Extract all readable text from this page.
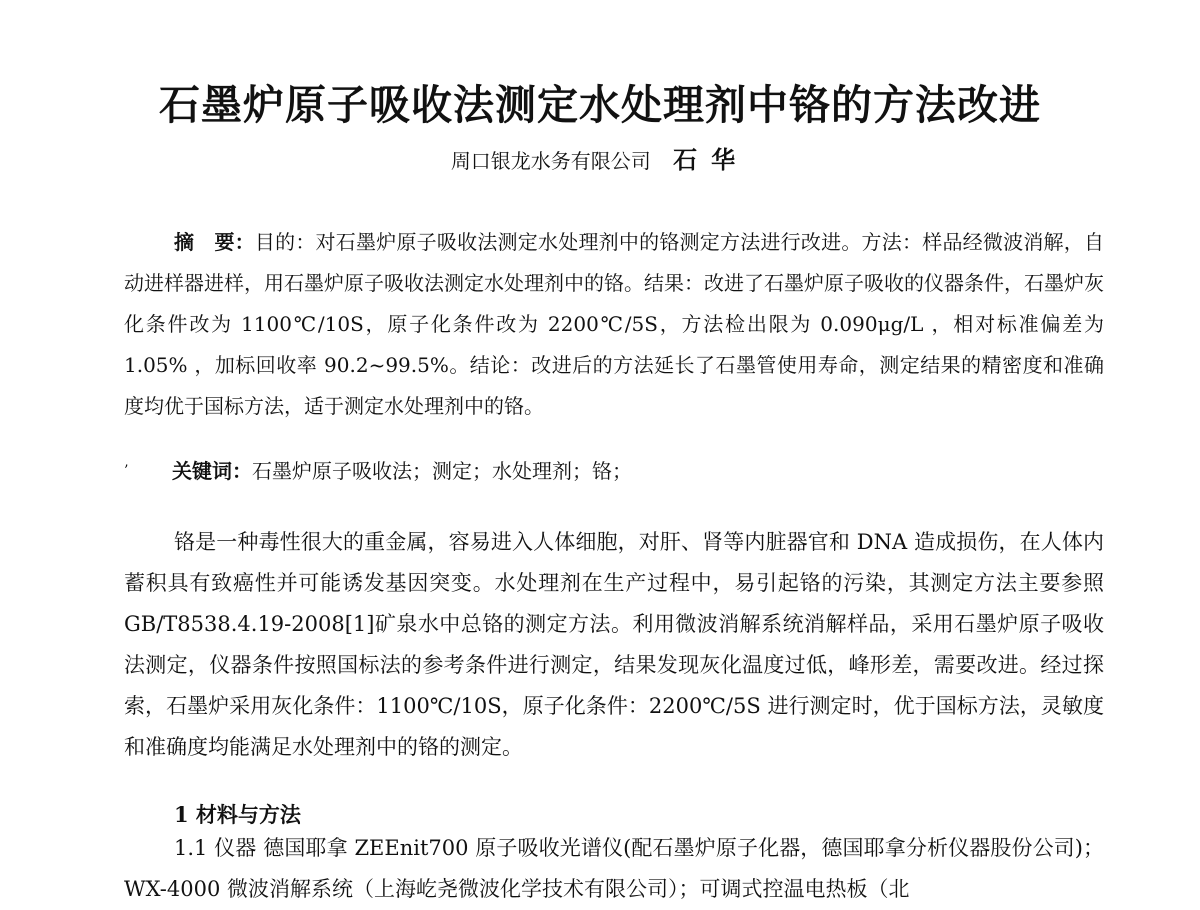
石墨炉原子吸收法测定水处理剂中铬的方法改进
周口银龙水务有限公司 石华

摘　要：目的：对石墨炉原子吸收法测定水处理剂中的铬测定方法进行改进。方法：样品经微波消解，自动进样器进样，用石墨炉原子吸收法测定水处理剂中的铬。结果：改进了石墨炉原子吸收的仪器条件，石墨炉灰化条件改为 1100℃/10S，原子化条件改为 2200℃/5S，方法检出限为 0.090μg/L ，相对标准偏差为 1.05% ，加标回收率 90.2~99.5%。结论：改进后的方法延长了石墨管使用寿命，测定结果的精密度和准确度均优于国标方法，适于测定水处理剂中的铬。

’ 关键词：石墨炉原子吸收法；测定；水处理剂；铬；

铬是一种毒性很大的重金属，容易进入人体细胞，对肝、肾等内脏器官和 DNA 造成损伤，在人体内蓄积具有致癌性并可能诱发基因突变。水处理剂在生产过程中，易引起铬的污染，其测定方法主要参照 GB/T8538.4.19-2008[1]矿泉水中总铬的测定方法。利用微波消解系统消解样品，采用石墨炉原子吸收法测定，仪器条件按照国标法的参考条件进行测定，结果发现灰化温度过低，峰形差，需要改进。经过探索，石墨炉采用灰化条件：1100℃/10S，原子化条件：2200℃/5S 进行测定时，优于国标方法，灵敏度和准确度均能满足水处理剂中的铬的测定。

1 材料与方法

1.1 仪器 德国耶拿 ZEEnit700 原子吸收光谱仪(配石墨炉原子化器，德国耶拿分析仪器股份公司)；WX-4000 微波消解系统（上海屹尧微波化学技术有限公司）；可调式控温电热板（北
